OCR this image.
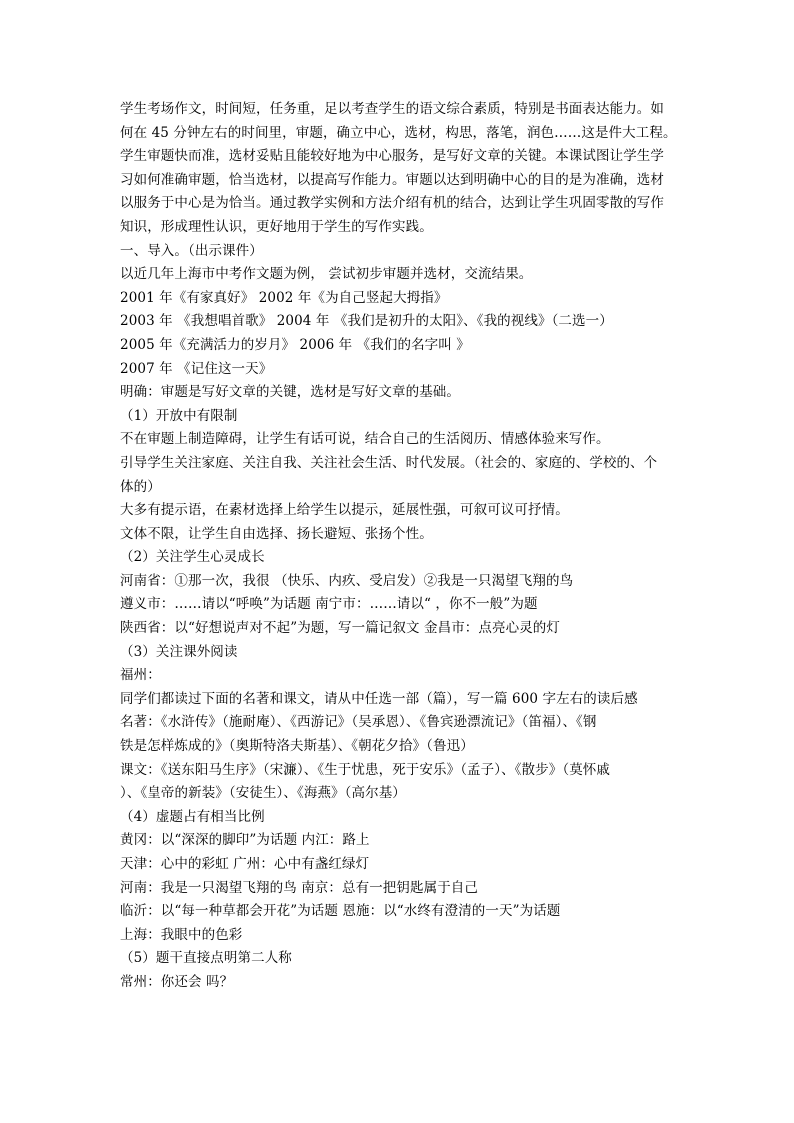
学生考场作文，时间短，任务重，足以考查学生的语文综合素质，特别是书面表达能力。如
何在 45 分钟左右的时间里，审题，确立中心，选材，构思，落笔，润色……这是件大工程。
学生审题快而准，选材妥贴且能较好地为中心服务，是写好文章的关键。本课试图让学生学
习如何准确审题，恰当选材，以提高写作能力。审题以达到明确中心的目的是为准确，选材
以服务于中心是为恰当。通过教学实例和方法介绍有机的结合，达到让学生巩固零散的写作
知识，形成理性认识，更好地用于学生的写作实践。
一、导入。（出示课件）
以近几年上海市中考作文题为例， 尝试初步审题并选材，交流结果。
2001 年《有家真好》 2002 年《为自己竖起大拇指》
2003 年 《我想唱首歌》 2004 年 《我们是初升的太阳》、《我的视线》（二选一）
2005 年《充满活力的岁月》 2006 年 《我们的名字叫 》
2007 年 《记住这一天》
明确：审题是写好文章的关键，选材是写好文章的基础。
（1）开放中有限制
不在审题上制造障碍，让学生有话可说，结合自己的生活阅历、情感体验来写作。
引导学生关注家庭、关注自我、关注社会生活、时代发展。（社会的、家庭的、学校的、个
体的）
大多有提示语，在素材选择上给学生以提示，延展性强，可叙可议可抒情。
文体不限，让学生自由选择、扬长避短、张扬个性。
（2）关注学生心灵成长
河南省：①那一次，我很 （快乐、内疚、受启发）②我是一只渴望飞翔的鸟
遵义市：……请以“呼唤”为话题 南宁市：……请以“ ，你不一般”为题
陕西省：以“好想说声对不起”为题，写一篇记叙文 金昌市：点亮心灵的灯
（3）关注课外阅读
福州：
同学们都读过下面的名著和课文，请从中任选一部（篇），写一篇 600 字左右的读后感
名著：《水浒传》（施耐庵）、《西游记》（吴承恩）、《鲁宾逊漂流记》（笛福）、《钢
铁是怎样炼成的》（奥斯特洛夫斯基）、《朝花夕拾》（鲁迅）
课文：《送东阳马生序》（宋濂）、《生于忧患，死于安乐》（孟子）、《散步》（莫怀戚
）、《皇帝的新装》（安徒生）、《海燕》（高尔基）
（4）虚题占有相当比例
黄冈：以“深深的脚印”为话题 内江：路上
天津：心中的彩虹 广州：心中有盏红绿灯
河南：我是一只渴望飞翔的鸟 南京：总有一把钥匙属于自己
临沂：以“每一种草都会开花”为话题 恩施：以“水终有澄清的一天”为话题
上海：我眼中的色彩
（5）题干直接点明第二人称
常州：你还会 吗？
